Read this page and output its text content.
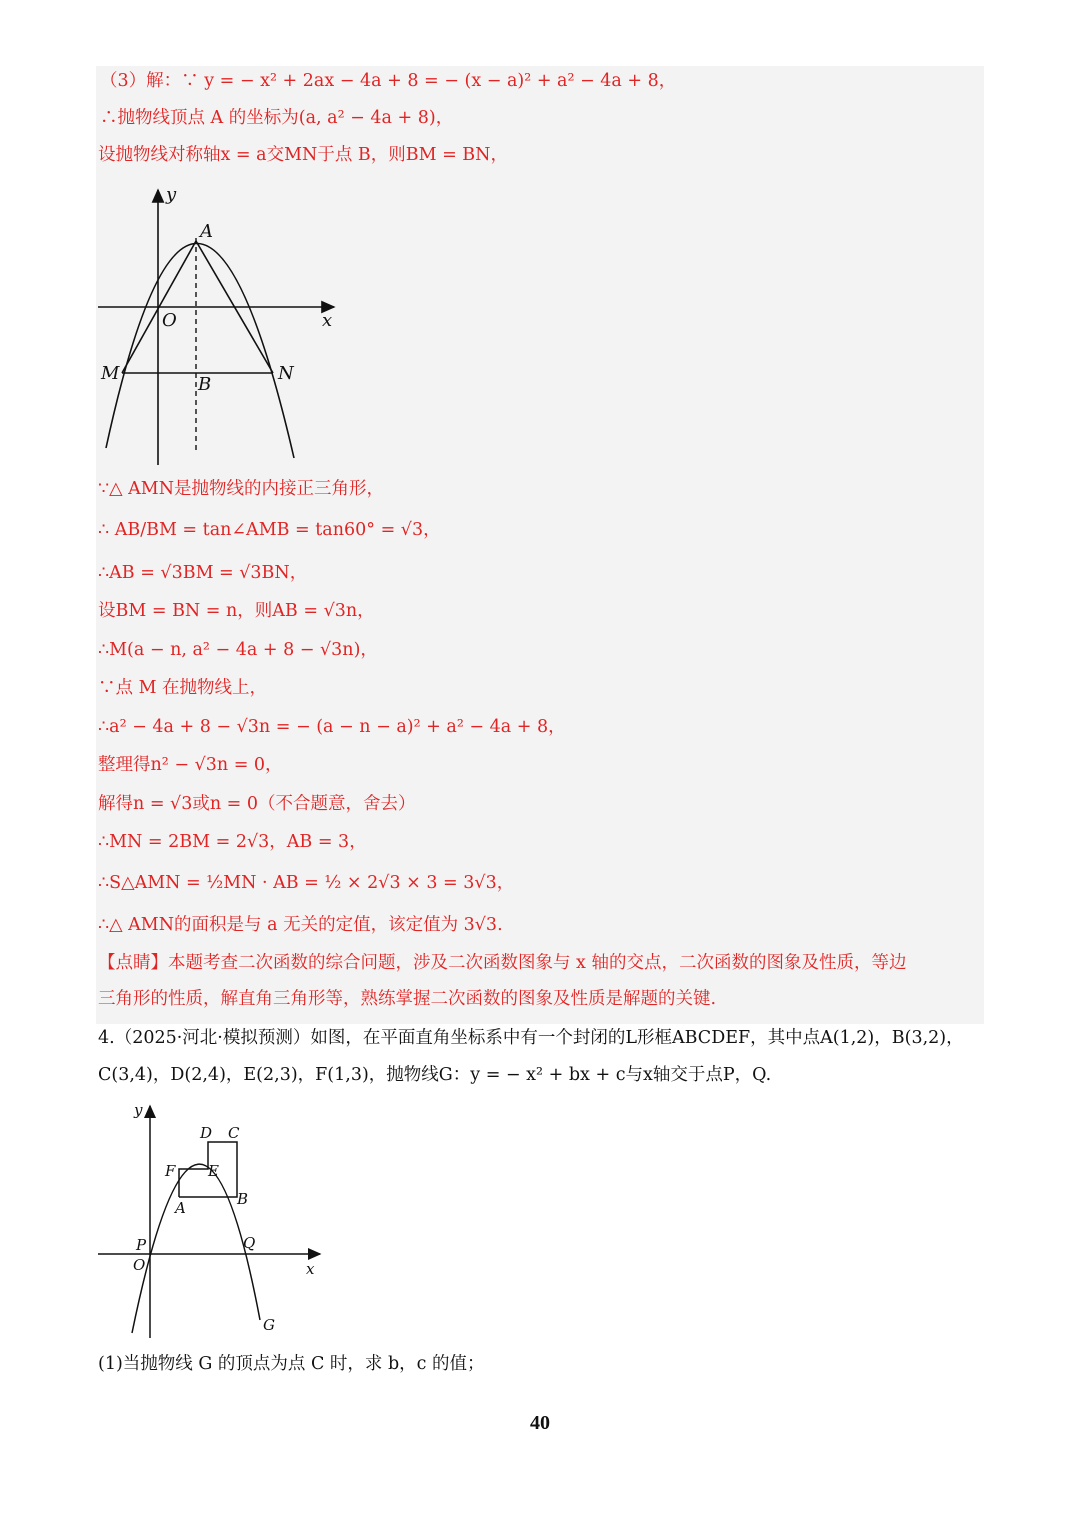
（3）解：∵ y = − x² + 2ax − 4a + 8 = − (x − a)² + a² − 4a + 8，
∴抛物线顶点 A 的坐标为(a, a² − 4a + 8)，
设抛物线对称轴x = a交MN于点 B，则BM = BN，
y
x
O
A
B
M	N
∵△ AMN是抛物线的内接正三角形，
∴ AB/BM = tan∠AMB = tan60° = √3，
∴AB = √3BM = √3BN，
设BM = BN = n，则AB = √3n，
∴M(a − n, a² − 4a + 8 − √3n)，
∵点 M 在抛物线上，
∴a² − 4a + 8 − √3n = − (a − n − a)² + a² − 4a + 8，
整理得n² − √3n = 0，
解得n = √3或n = 0（不合题意，舍去）
∴MN = 2BM = 2√3，AB = 3，
∴S△AMN = ½MN · AB = ½ × 2√3 × 3 = 3√3，
∴△ AMN的面积是与 a 无关的定值，该定值为 3√3.
【点睛】本题考查二次函数的综合问题，涉及二次函数图象与 x 轴的交点，二次函数的图象及性质，等边
三角形的性质，解直角三角形等，熟练掌握二次函数的图象及性质是解题的关键.
4.（2025·河北·模拟预测）如图，在平面直角坐标系中有一个封闭的L形框ABCDEF，其中点A(1,2)，B(3,2)，
C(3,4)，D(2,4)，E(2,3)，F(1,3)，抛物线G：y = − x² + bx + c与x轴交于点P，Q.
y
x
O
P	Q
A	B
C
D
E
F
G
(1)当抛物线 G 的顶点为点 C 时，求 b，c 的值；
40
